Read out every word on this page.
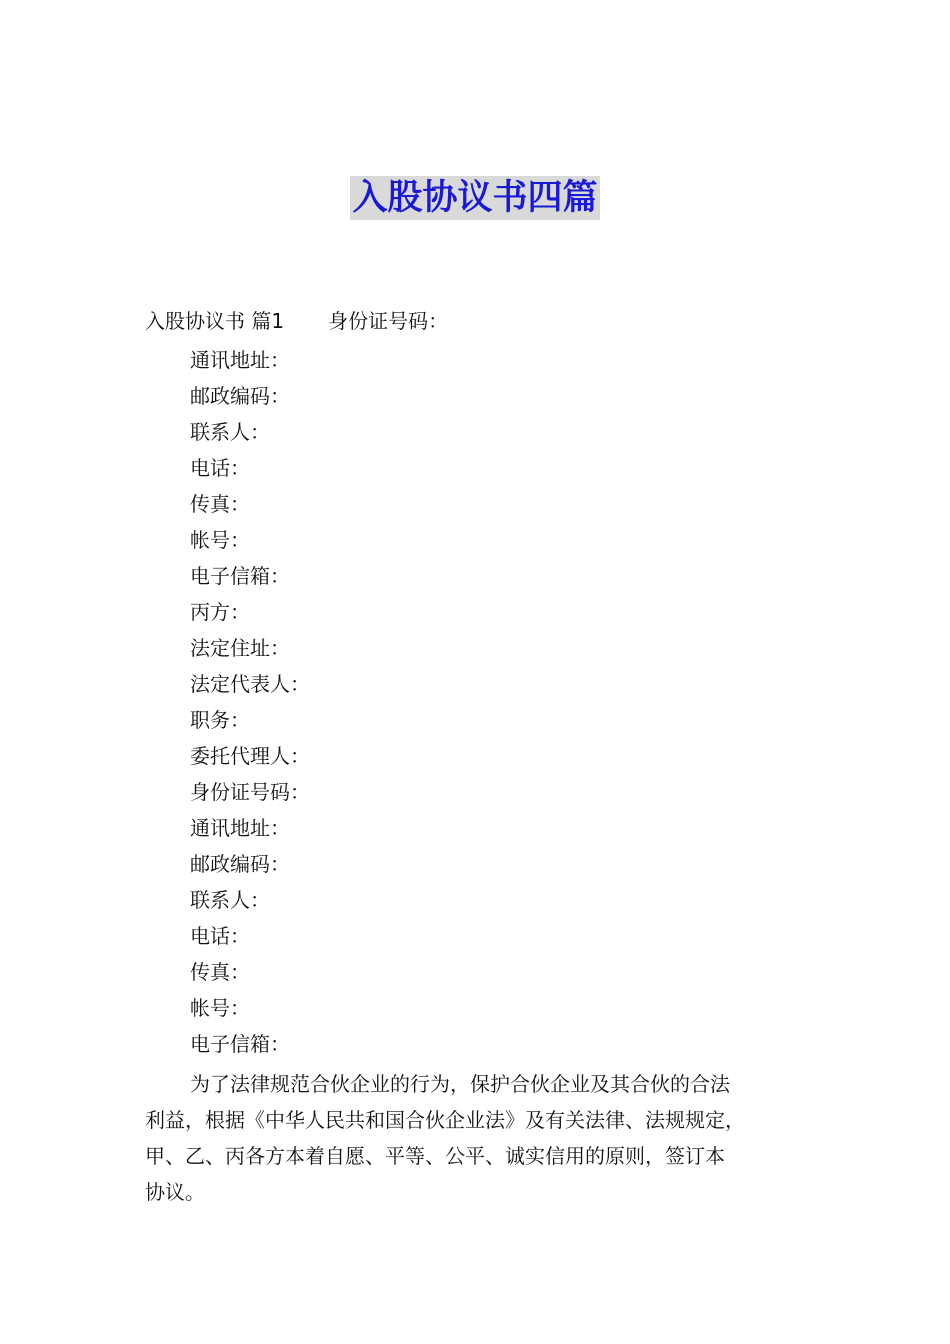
入股协议书四篇
入股协议书 篇1 身份证号码：
通讯地址：
邮政编码：
联系人：
电话：
传真：
帐号：
电子信箱：
丙方：
法定住址：
法定代表人：
职务：
委托代理人：
身份证号码：
通讯地址：
邮政编码：
联系人：
电话：
传真：
帐号：
电子信箱：
为了法律规范合伙企业的行为，保护合伙企业及其合伙的合法
利益，根据《中华人民共和国合伙企业法》及有关法律、法规规定，
甲、乙、丙各方本着自愿、平等、公平、诚实信用的原则，签订本
协议。
